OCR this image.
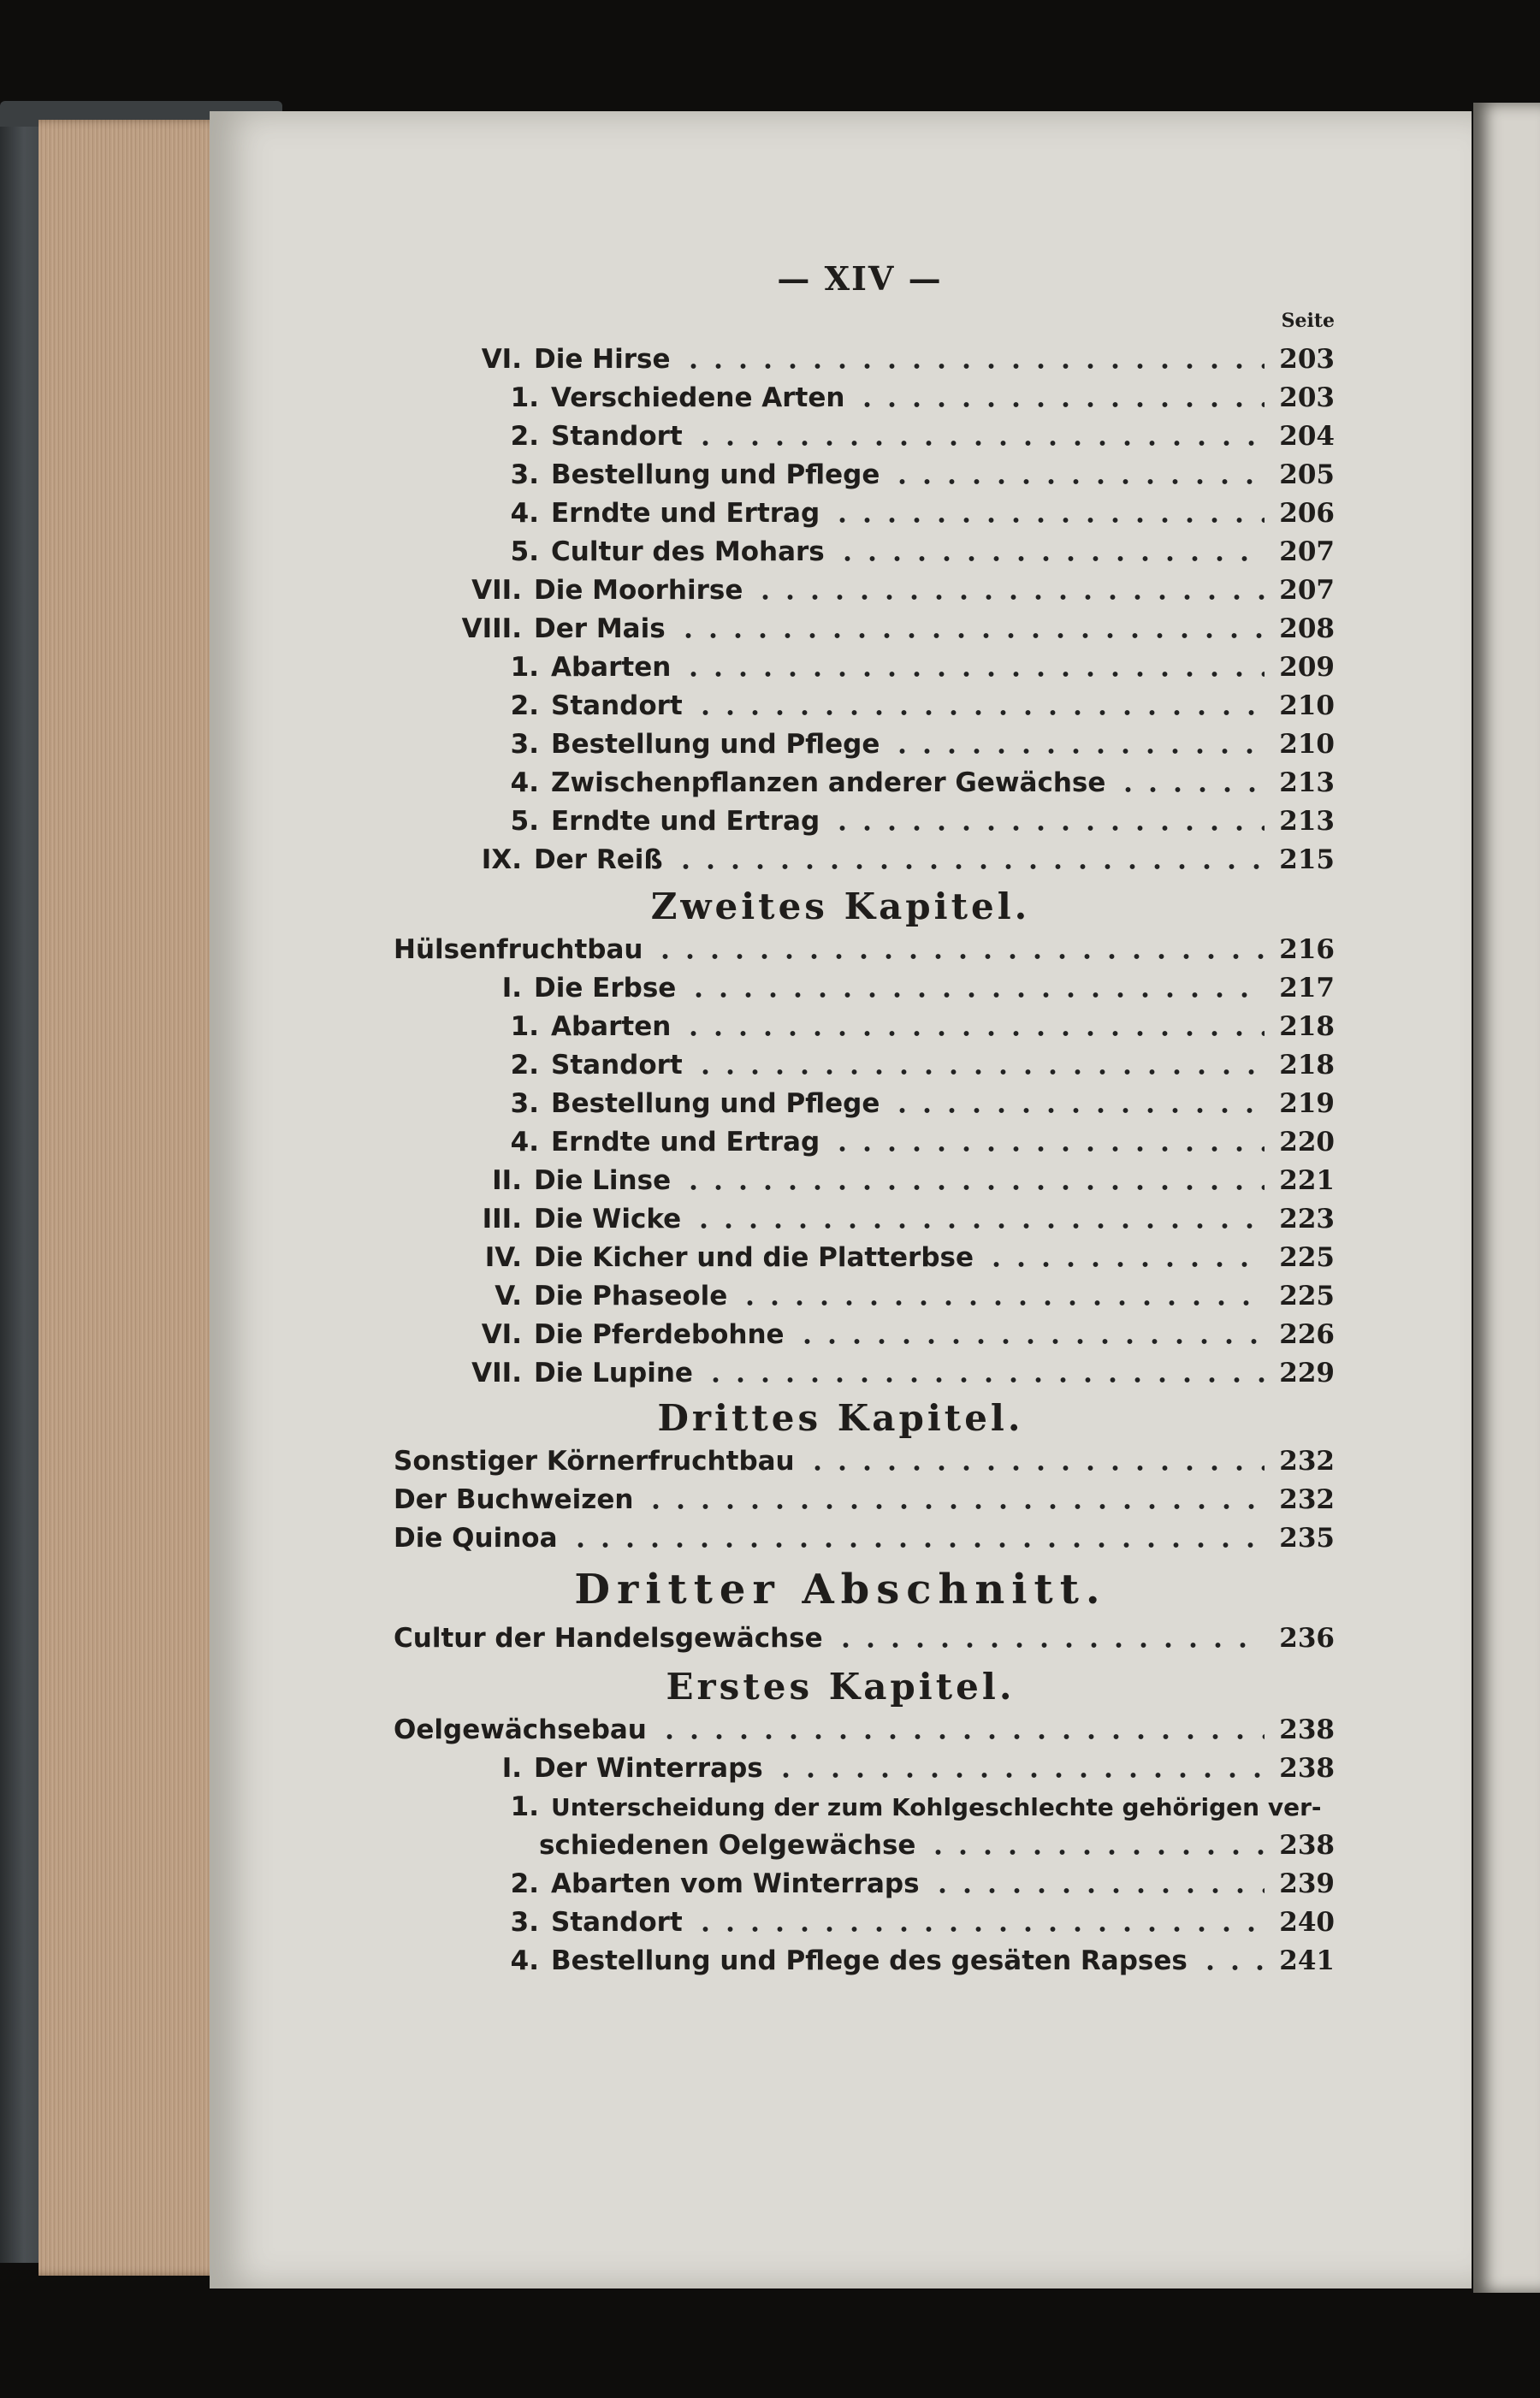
— XIV —
Seite
VI. Die Hirse	203
1. Verschiedene Arten	203
2. Standort	204
3. Bestellung und Pflege	205
4. Erndte und Ertrag	206
5. Cultur des Mohars	207
VII. Die Moorhirse	207
VIII. Der Mais	208
1. Abarten	209
2. Standort	210
3. Bestellung und Pflege	210
4. Zwischenpflanzen anderer Gewächse	213
5. Erndte und Ertrag	213
IX. Der Reiß	215
Zweites Kapitel.
Hülsenfruchtbau	216
I. Die Erbse	217
1. Abarten	218
2. Standort	218
3. Bestellung und Pflege	219
4. Erndte und Ertrag	220
II. Die Linse	221
III. Die Wicke	223
IV. Die Kicher und die Platterbse	225
V. Die Phaseole	225
VI. Die Pferdebohne	226
VII. Die Lupine	229
Drittes Kapitel.
Sonstiger Körnerfruchtbau	232
Der Buchweizen	232
Die Quinoa	235
Dritter Abschnitt.
Cultur der Handelsgewächse	236
Erstes Kapitel.
Oelgewächsebau	238
I. Der Winterraps	238
1. Unterscheidung der zum Kohlgeschlechte gehörigen ver-
schiedenen Oelgewächse	238
2. Abarten vom Winterraps	239
3. Standort	240
4. Bestellung und Pflege des gesäten Rapses	241
